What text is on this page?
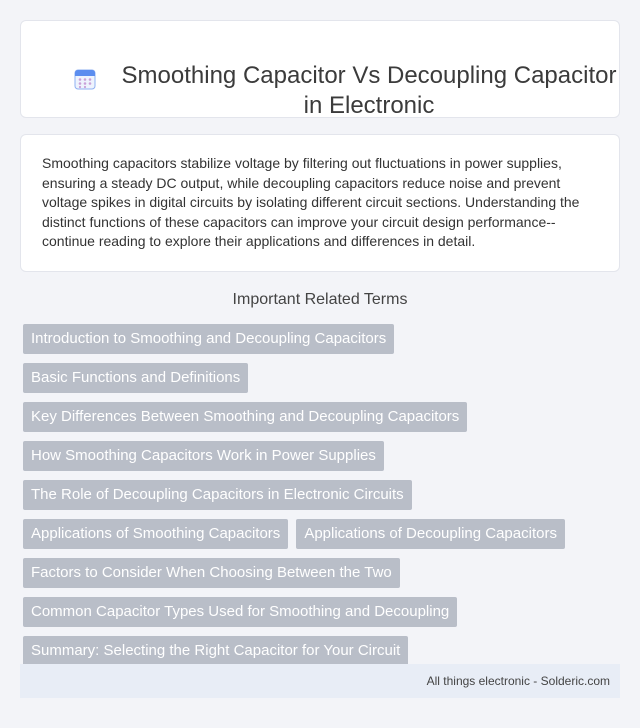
Smoothing Capacitor Vs Decoupling Capacitor in Electronic

Smoothing capacitors stabilize voltage by filtering out fluctuations in power supplies, ensuring a steady DC output, while decoupling capacitors reduce noise and prevent voltage spikes in digital circuits by isolating different circuit sections. Understanding the distinct functions of these capacitors can improve your circuit design performance--continue reading to explore their applications and differences in detail.

Important Related Terms
Introduction to Smoothing and Decoupling Capacitors
Basic Functions and Definitions
Key Differences Between Smoothing and Decoupling Capacitors
How Smoothing Capacitors Work in Power Supplies
The Role of Decoupling Capacitors in Electronic Circuits
Applications of Smoothing Capacitors	Applications of Decoupling Capacitors
Factors to Consider When Choosing Between the Two
Common Capacitor Types Used for Smoothing and Decoupling
Summary: Selecting the Right Capacitor for Your Circuit
All things electronic - Solderic.com
